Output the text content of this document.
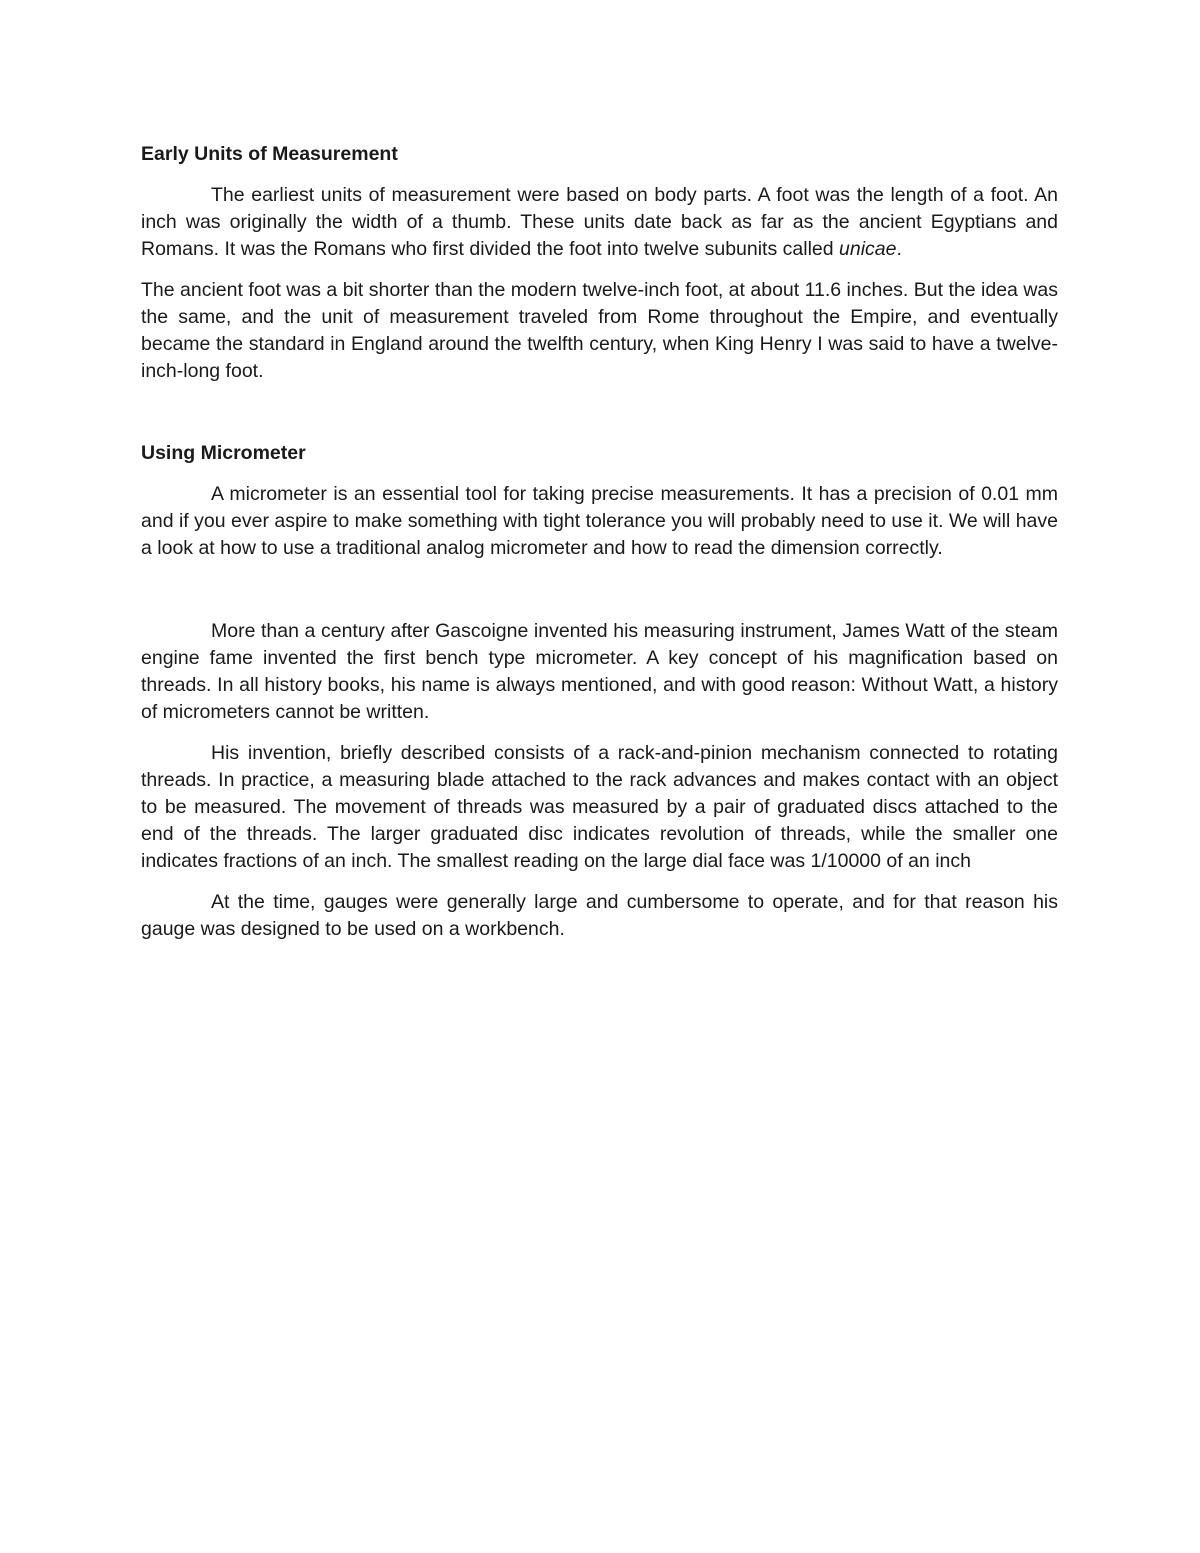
Early Units of Measurement

The earliest units of measurement were based on body parts. A foot was the length of a foot. An inch was originally the width of a thumb. These units date back as far as the ancient Egyptians and Romans. It was the Romans who first divided the foot into twelve subunits called unicae.

The ancient foot was a bit shorter than the modern twelve-inch foot, at about 11.6 inches. But the idea was the same, and the unit of measurement traveled from Rome throughout the Empire, and eventually became the standard in England around the twelfth century, when King Henry I was said to have a twelve-inch-long foot.

Using Micrometer

A micrometer is an essential tool for taking precise measurements. It has a precision of 0.01 mm and if you ever aspire to make something with tight tolerance you will probably need to use it. We will have a look at how to use a traditional analog micrometer and how to read the dimension correctly.

More than a century after Gascoigne invented his measuring instrument, James Watt of the steam engine fame invented the first bench type micrometer. A key concept of his magnification based on threads. In all history books, his name is always mentioned, and with good reason: Without Watt, a history of micrometers cannot be written.

His invention, briefly described consists of a rack-and-pinion mechanism connected to rotating threads. In practice, a measuring blade attached to the rack advances and makes contact with an object to be measured. The movement of threads was measured by a pair of graduated discs attached to the end of the threads. The larger graduated disc indicates revolution of threads, while the smaller one indicates fractions of an inch. The smallest reading on the large dial face was 1/10000 of an inch

At the time, gauges were generally large and cumbersome to operate, and for that reason his gauge was designed to be used on a workbench.
